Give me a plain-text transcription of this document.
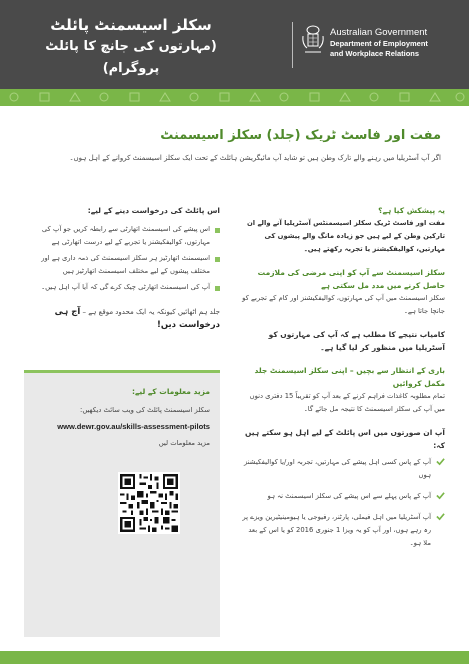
سکلز اسیسمنٹ پائلٹ
(مہارتوں کی جانچ کا پائلٹ پروگرام)
Australian Government
Department of Employment
and Workplace Relations
مفت اور فاسٹ ٹریک (جلد) سکلز اسیسمنٹ
اگر آپ آسٹریلیا میں رہنے والے تارک وطن ہیں تو شاید آپ مائیگریشن ہائلٹ کے تحت ایک سکلز اسیسمنٹ کروانے کے اہل ہوں۔
اس پائلٹ کی درخواست دینے کے لیے:
اس پیشے کی اسیسمنٹ اتھارٹی سے رابطہ کریں جو آپ کی مہارتوں، کوالیفکیشنز یا تجربے کے لیے درست اتھارٹی ہے
اسیسمنٹ اتھارٹیز ہر سکلز اسیسمنٹ کی ذمہ داری ہے اور مختلف پیشوں کے لیے مختلف اسیسمنٹ اتھارٹیز ہیں
آپ کی اسیسمنٹ اتھارٹی چیک کرے گی کہ آیا آپ اہل ہیں۔
جلد ہم اٹھائیں کیونکہ یہ ایک محدود موقع ہے – آج ہی درخواست دیں!
مزید معلومات کے لیے:
سکلز اسیسمنٹ پائلٹ کی ویب سائٹ دیکھیں:
www.dewr.gov.au/skills-assessment-pilots
مزید معلومات لیں
یہ پیشکش کیا ہے؟
مفت اور فاسٹ ٹریک سکلز اسیسمنٹس آسٹریلیا آنے والے ان تارکین وطن کے لیے ہیں جو زیادہ مانگ والے پیشوں کی مہارتیں، کوالیفکیشنز یا تجربہ رکھتے ہیں۔
سکلز اسیسمنٹ سے آپ کو اپنی مرضی کی ملازمت حاصل کرنے میں مدد مل سکتی ہے
سکلز اسیسمنٹ میں آپ کی مہارتوں، کوالیفکیشنز اور کام کے تجربے کو جانچا جاتا ہے۔
کامیاب نتیجے کا مطلب ہے کہ آپ کی مہارتوں کو آسٹریلیا میں منظور کر لیا گیا ہے۔
باری کے انتظار سے بچیں – اپنی سکلز اسیسمنٹ جلد مکمل کروائیں
تمام مطلوبہ کاغذات فراہم کرنے کے بعد آپ کو تقریباً 15 دفتری دنوں میں آپ کی سکلز اسیسمنٹ کا نتیجہ مل جائے گا۔
آپ ان صورتوں میں اس پائلٹ کے لیے اہل ہو سکتے ہیں کہ:
آپ کے پاس کسی اہل پیشے کی مہارتیں، تجربہ اور/یا کوالیفکیشنز ہوں
آپ کے پاس پہلے سے اس پیشے کی سکلز اسیسمنٹ نہ ہو
آپ آسٹریلیا میں اہل فیملی، پارٹنر، رفیوجی یا ہیومینیٹیرین ویزے پر رہ رہے ہوں، اور آپ کو یہ ویزا 1 جنوری 2016 کو یا اس کے بعد ملا ہو۔
